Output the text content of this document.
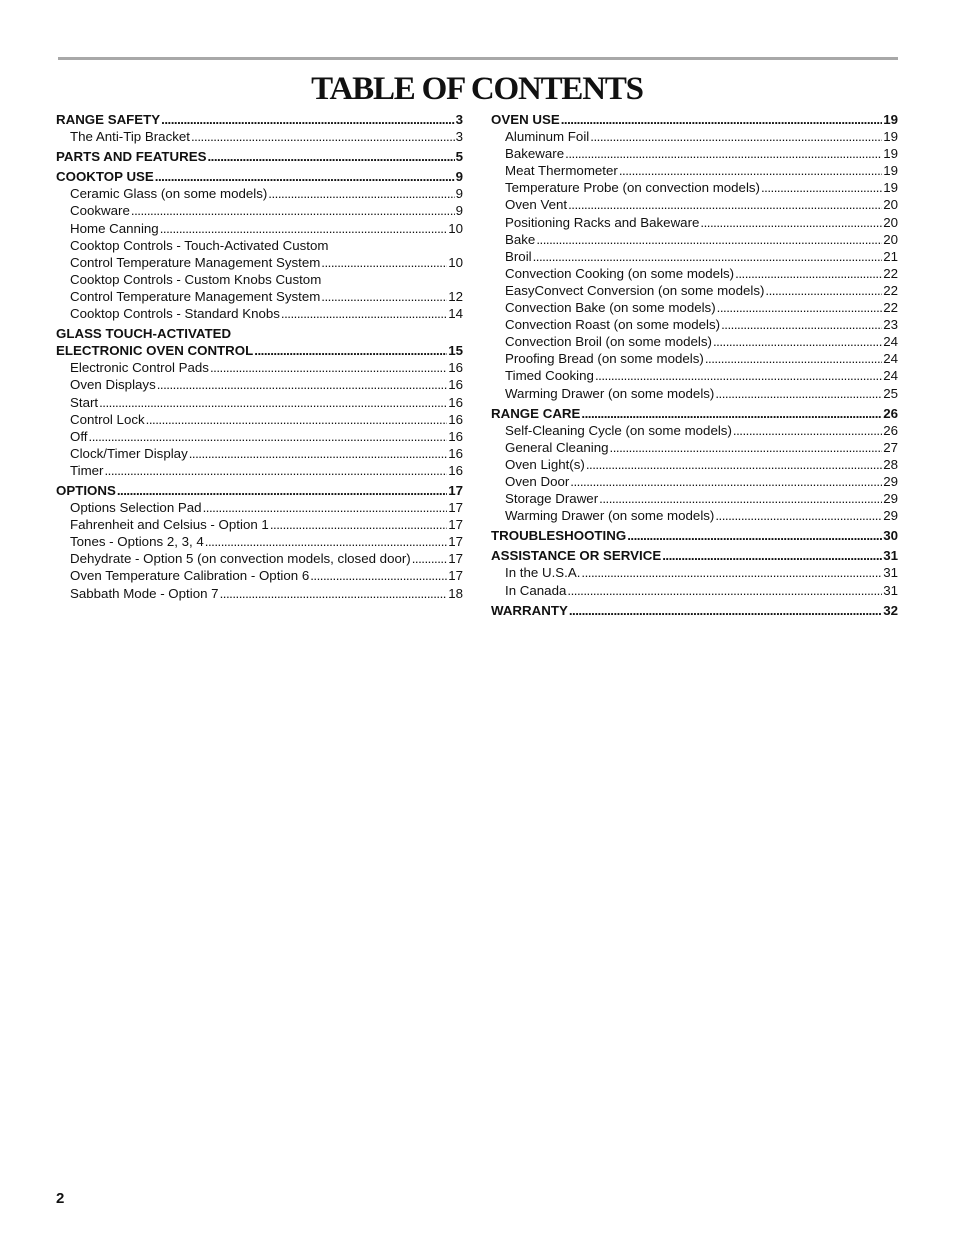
TABLE OF CONTENTS
RANGE SAFETY . . .	3
The Anti-Tip Bracket . . .	3
PARTS AND FEATURES . . .	5
COOKTOP USE . . .	9
Ceramic Glass (on some models) . . .	9
Cookware . . .	9
Home Canning . . .	10
Cooktop Controls - Touch-Activated Custom
Control Temperature Management System . . .	10
Cooktop Controls - Custom Knobs Custom
Control Temperature Management System . . .	12
Cooktop Controls - Standard Knobs . . .	14
GLASS TOUCH-ACTIVATED
ELECTRONIC OVEN CONTROL . . .	15
Electronic Control Pads . . .	16
Oven Displays . . .	16
Start . . .	16
Control Lock . . .	16
Off . . .	16
Clock/Timer Display . . .	16
Timer . . .	16
OPTIONS . . .	17
Options Selection Pad . . .	17
Fahrenheit and Celsius - Option 1 . . .	17
Tones - Options 2, 3, 4 . . .	17
Dehydrate - Option 5 (on convection models, closed door) . . .	17
Oven Temperature Calibration - Option 6 . . .	17
Sabbath Mode - Option 7 . . .	18
OVEN USE . . .	19
Aluminum Foil . . .	19
Bakeware . . .	19
Meat Thermometer . . .	19
Temperature Probe (on convection models) . . .	19
Oven Vent . . .	20
Positioning Racks and Bakeware . . .	20
Bake . . .	20
Broil . . .	21
Convection Cooking (on some models) . . .	22
EasyConvect Conversion (on some models) . . .	22
Convection Bake (on some models) . . .	22
Convection Roast (on some models) . . .	23
Convection Broil (on some models) . . .	24
Proofing Bread (on some models) . . .	24
Timed Cooking . . .	24
Warming Drawer (on some models) . . .	25
RANGE CARE . . .	26
Self-Cleaning Cycle (on some models) . . .	26
General Cleaning . . .	27
Oven Light(s) . . .	28
Oven Door . . .	29
Storage Drawer . . .	29
Warming Drawer (on some models) . . .	29
TROUBLESHOOTING . . .	30
ASSISTANCE OR SERVICE . . .	31
In the U.S.A. . . .	31
In Canada . . .	31
WARRANTY . . .	32
2
